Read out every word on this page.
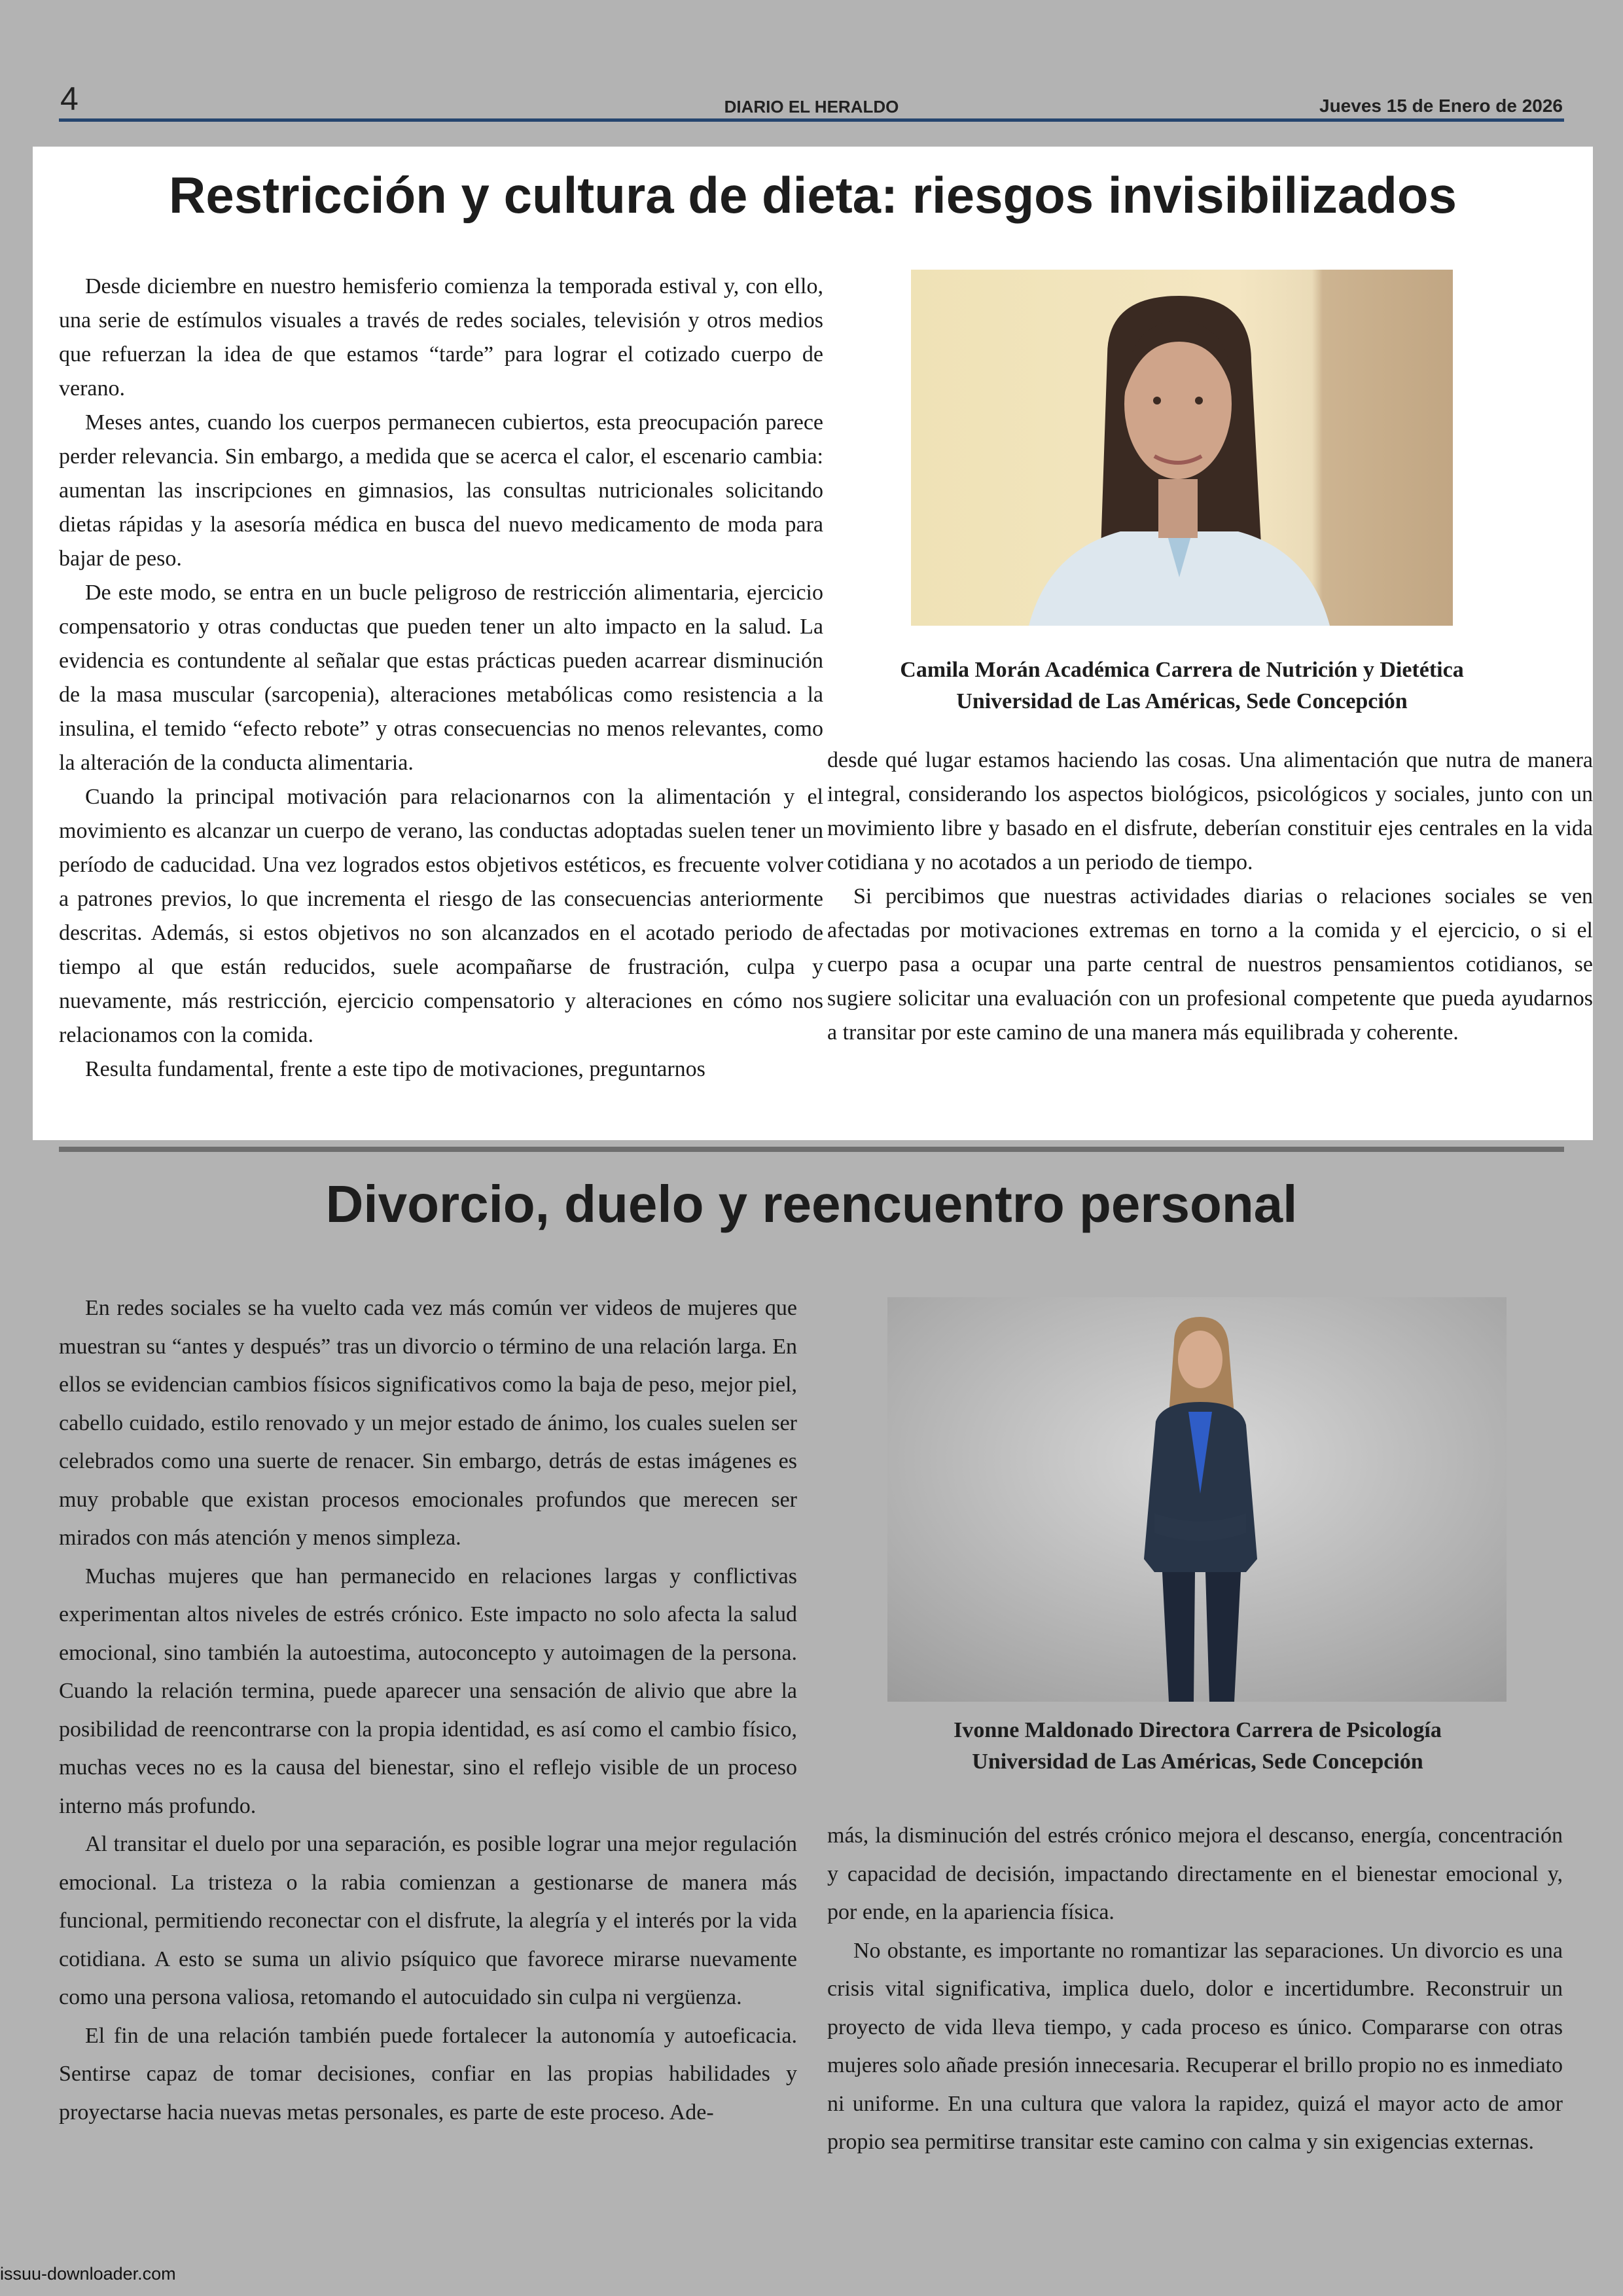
4	DIARIO EL HERALDO	Jueves 15 de Enero de 2026
Restricción y cultura de dieta: riesgos invisibilizados

Desde diciembre en nuestro hemisferio comienza la temporada estival y, con ello, una serie de estímulos visuales a través de redes sociales, televisión y otros medios que refuerzan la idea de que estamos “tarde” para lograr el cotizado cuerpo de verano.

Meses antes, cuando los cuerpos permanecen cubiertos, esta preocupación parece perder relevancia. Sin embargo, a medida que se acerca el calor, el escenario cambia: aumentan las inscripciones en gimnasios, las consultas nutricionales solicitando dietas rápidas y la asesoría médica en busca del nuevo medicamento de moda para bajar de peso.

De este modo, se entra en un bucle peligroso de restricción alimentaria, ejercicio compensatorio y otras conductas que pueden tener un alto impacto en la salud. La evidencia es contundente al señalar que estas prácticas pueden acarrear disminución de la masa muscular (sarcopenia), alteraciones metabólicas como resistencia a la insulina, el temido “efecto rebote” y otras consecuencias no menos relevantes, como la alteración de la conducta alimentaria.

Cuando la principal motivación para relacionarnos con la alimentación y el movimiento es alcanzar un cuerpo de verano, las conductas adoptadas suelen tener un período de caducidad. Una vez logrados estos objetivos estéticos, es frecuente volver a patrones previos, lo que incrementa el riesgo de las consecuencias anteriormente descritas. Además, si estos objetivos no son alcanzados en el acotado periodo de tiempo al que están reducidos, suele acompañarse de frustración, culpa y nuevamente, más restricción, ejercicio compensatorio y alteraciones en cómo nos relacionamos con la comida.

Resulta fundamental, frente a este tipo de motivaciones, preguntarnos

Camila Morán Académica Carrera de Nutrición y Dietética
Universidad de Las Américas, Sede Concepción

desde qué lugar estamos haciendo las cosas. Una alimentación que nutra de manera integral, considerando los aspectos biológicos, psicológicos y sociales, junto con un movimiento libre y basado en el disfrute, deberían constituir ejes centrales en la vida cotidiana y no acotados a un periodo de tiempo.

Si percibimos que nuestras actividades diarias o relaciones sociales se ven afectadas por motivaciones extremas en torno a la comida y el ejercicio, o si el cuerpo pasa a ocupar una parte central de nuestros pensamientos cotidianos, se sugiere solicitar una evaluación con un profesional competente que pueda ayudarnos a transitar por este camino de una manera más equilibrada y coherente.

Divorcio, duelo y reencuentro personal

En redes sociales se ha vuelto cada vez más común ver videos de mujeres que muestran su “antes y después” tras un divorcio o término de una relación larga. En ellos se evidencian cambios físicos significativos como la baja de peso, mejor piel, cabello cuidado, estilo renovado y un mejor estado de ánimo, los cuales suelen ser celebrados como una suerte de renacer. Sin embargo, detrás de estas imágenes es muy probable que existan procesos emocionales profundos que merecen ser mirados con más atención y menos simpleza.

Muchas mujeres que han permanecido en relaciones largas y conflictivas experimentan altos niveles de estrés crónico. Este impacto no solo afecta la salud emocional, sino también la autoestima, autoconcepto y autoimagen de la persona. Cuando la relación termina, puede aparecer una sensación de alivio que abre la posibilidad de reencontrarse con la propia identidad, es así como el cambio físico, muchas veces no es la causa del bienestar, sino el reflejo visible de un proceso interno más profundo.

Al transitar el duelo por una separación, es posible lograr una mejor regulación emocional. La tristeza o la rabia comienzan a gestionarse de manera más funcional, permitiendo reconectar con el disfrute, la alegría y el interés por la vida cotidiana. A esto se suma un alivio psíquico que favorece mirarse nuevamente como una persona valiosa, retomando el autocuidado sin culpa ni vergüenza.

El fin de una relación también puede fortalecer la autonomía y autoeficacia. Sentirse capaz de tomar decisiones, confiar en las propias habilidades y proyectarse hacia nuevas metas personales, es parte de este proceso. Ade-

Ivonne Maldonado Directora Carrera de Psicología
Universidad de Las Américas, Sede Concepción

más, la disminución del estrés crónico mejora el descanso, energía, concentración y capacidad de decisión, impactando directamente en el bienestar emocional y, por ende, en la apariencia física.

No obstante, es importante no romantizar las separaciones. Un divorcio es una crisis vital significativa, implica duelo, dolor e incertidumbre. Reconstruir un proyecto de vida lleva tiempo, y cada proceso es único. Compararse con otras mujeres solo añade presión innecesaria. Recuperar el brillo propio no es inmediato ni uniforme. En una cultura que valora la rapidez, quizá el mayor acto de amor propio sea permitirse transitar este camino con calma y sin exigencias externas.

issuu-downloader.com
